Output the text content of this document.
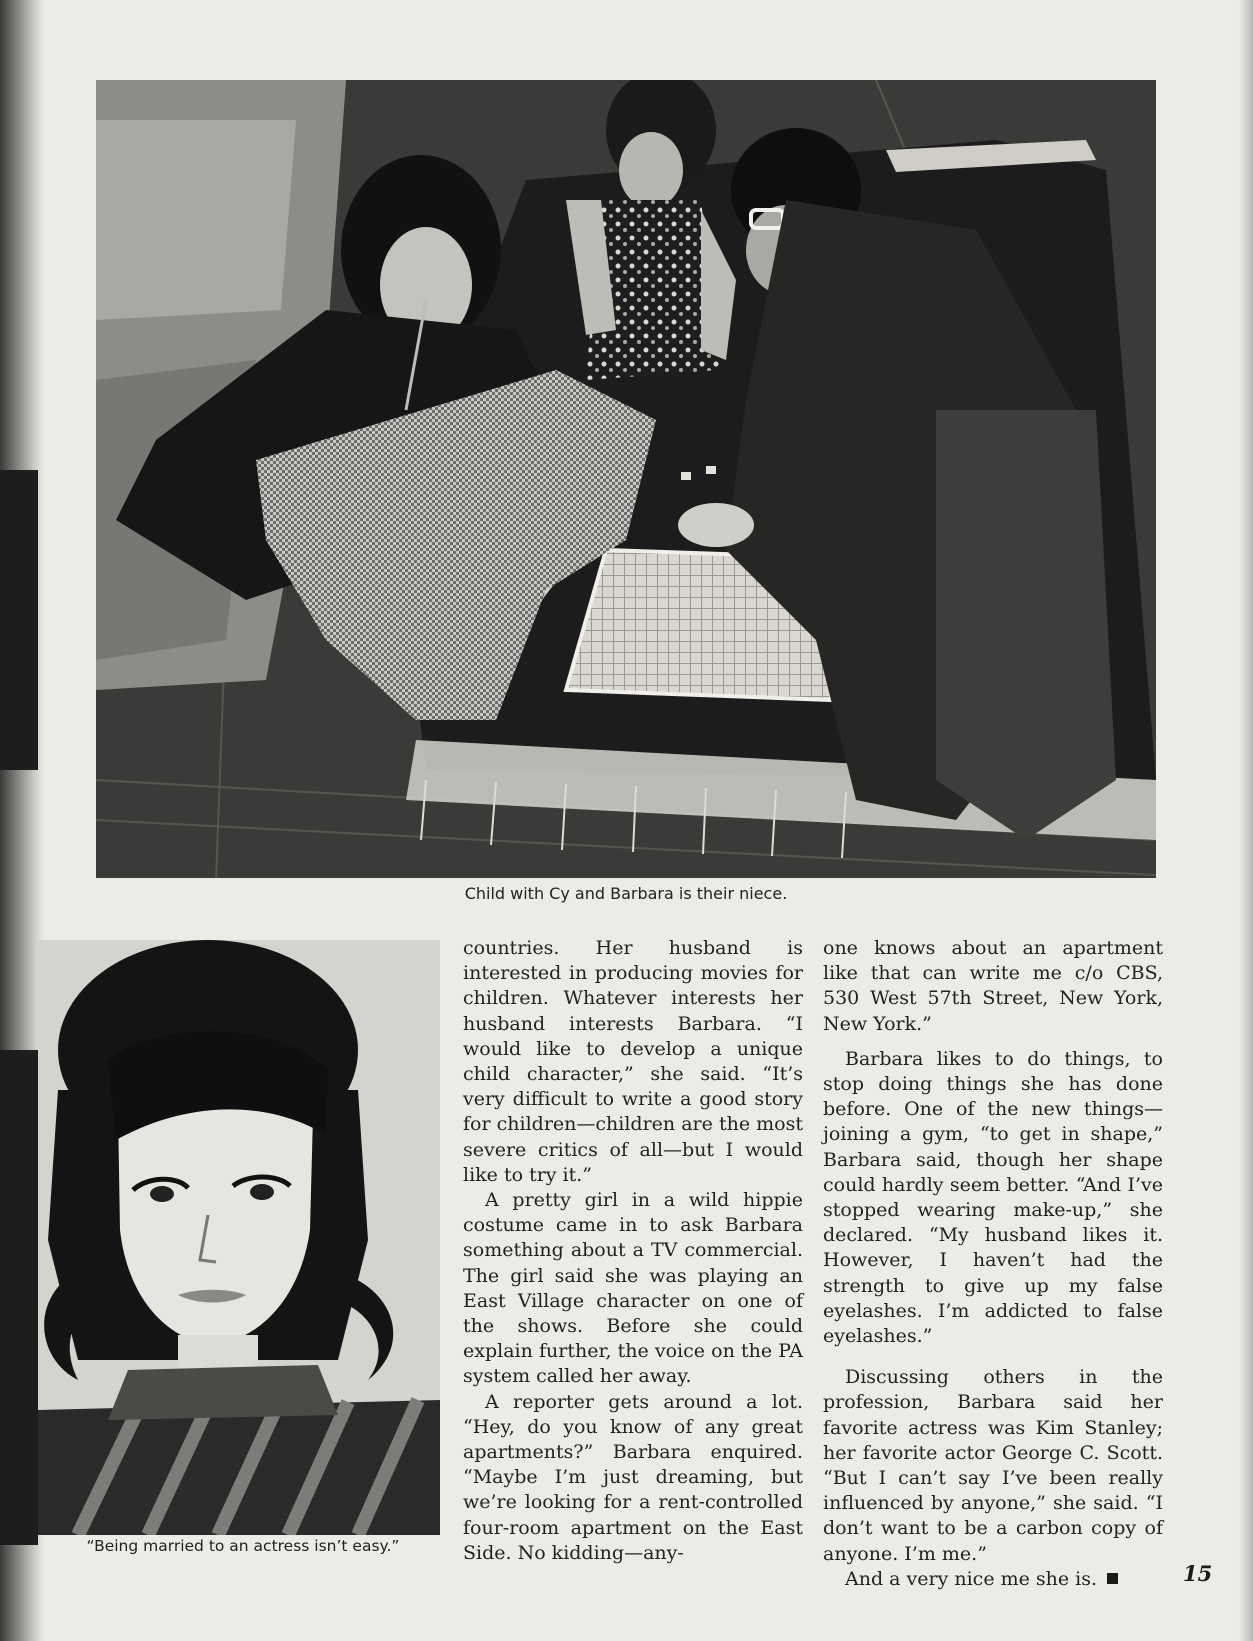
Child with Cy and Barbara is their niece.
“Being married to an actress isn’t easy.”

countries. Her husband is interested in producing movies for children. Whatever interests her husband interests Barbara. “I would like to develop a unique child character,” she said. “It’s very difficult to write a good story for children—children are the most severe critics of all—but I would like to try it.”

A pretty girl in a wild hippie costume came in to ask Barbara something about a TV commercial. The girl said she was playing an East Village character on one of the shows. Before she could explain further, the voice on the PA system called her away.

A reporter gets around a lot. “Hey, do you know of any great apartments?” Barbara enquired. “Maybe I’m just dreaming, but we’re looking for a rent-controlled four-room apartment on the East Side. No kidding—any-

one knows about an apartment like that can write me c/o CBS, 530 West 57th Street, New York, New York.”

Barbara likes to do things, to stop doing things she has done before. One of the new things—joining a gym, “to get in shape,” Barbara said, though her shape could hardly seem better. “And I’ve stopped wearing make-up,” she declared. “My husband likes it. However, I haven’t had the strength to give up my false eyelashes. I’m addicted to false eyelashes.”

Discussing others in the profession, Barbara said her favorite actress was Kim Stanley; her favorite actor George C. Scott. “But I can’t say I’ve been really influenced by anyone,” she said. “I don’t want to be a carbon copy of anyone. I’m me.”

And a very nice me she is.	15
